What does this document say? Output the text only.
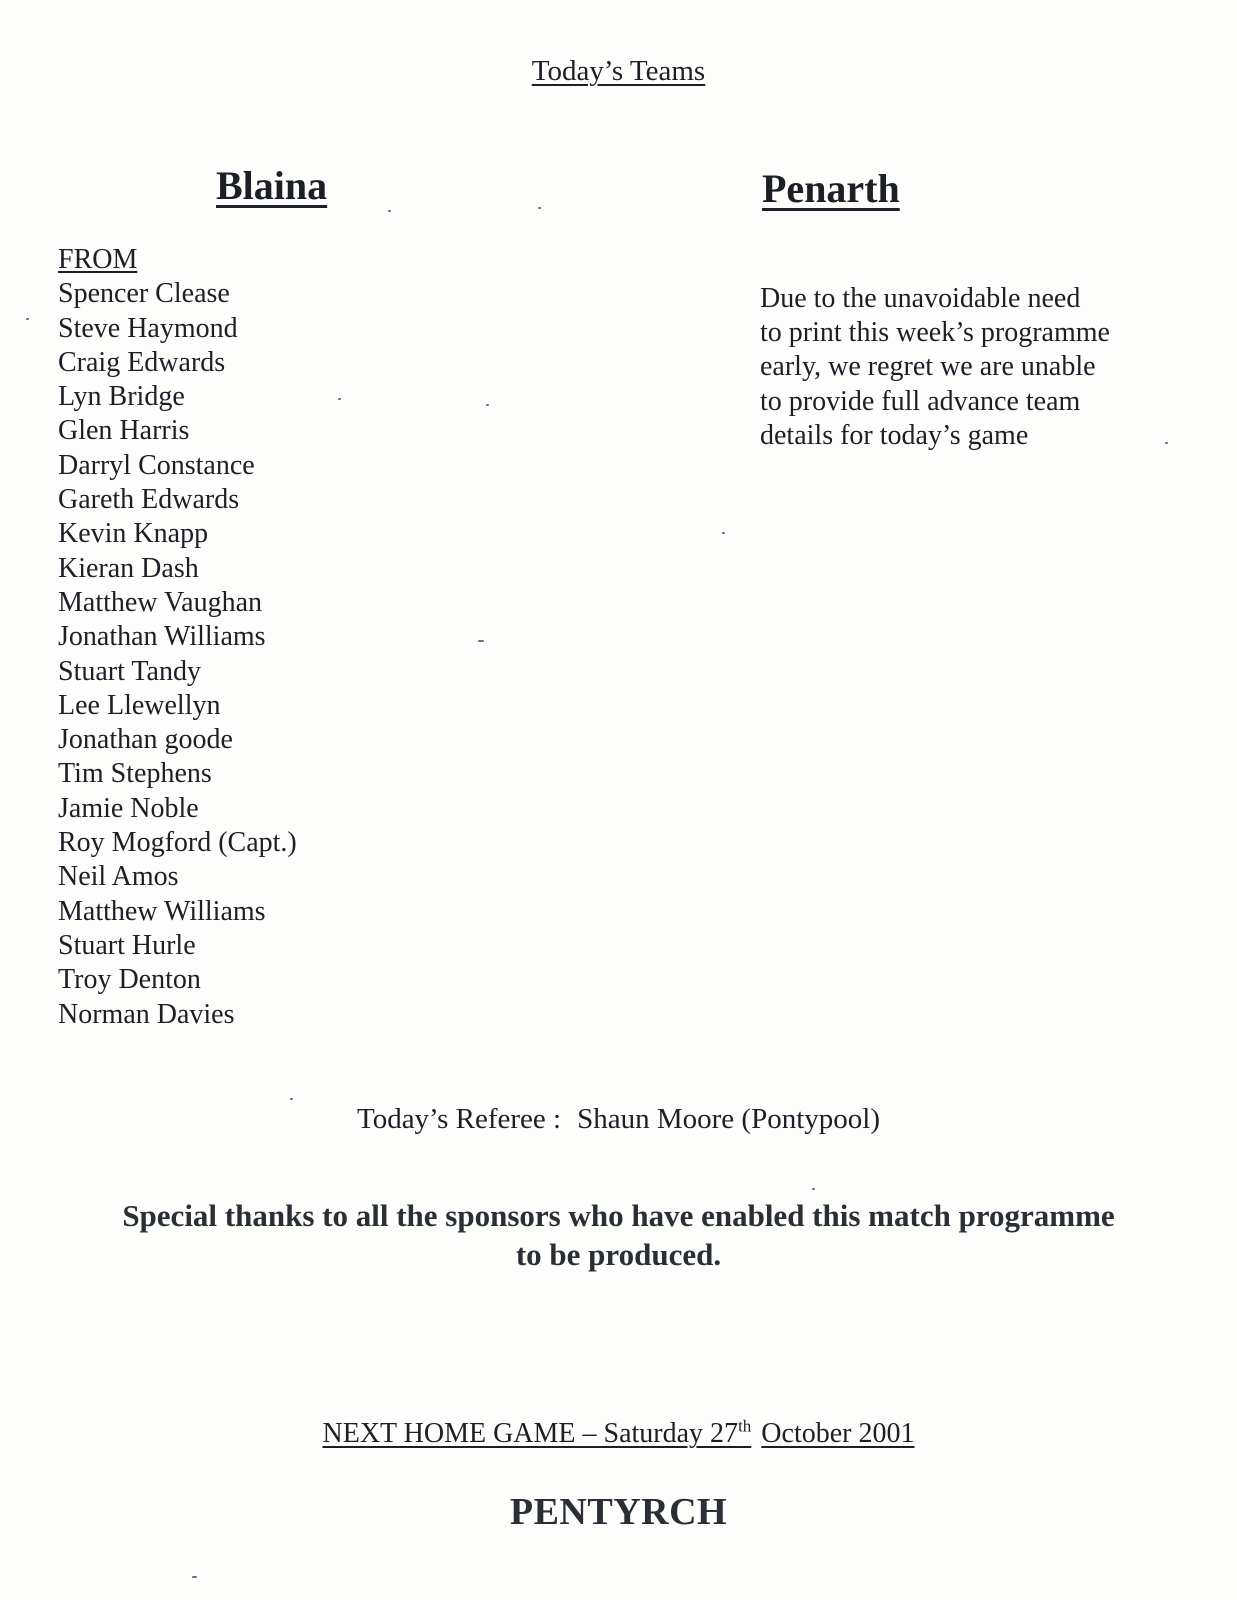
Today’s Teams
Blaina	Penarth
FROM
Spencer Clease
Steve Haymond
Craig Edwards
Lyn Bridge
Glen Harris
Darryl Constance
Gareth Edwards
Kevin Knapp
Kieran Dash
Matthew Vaughan
Jonathan Williams
Stuart Tandy
Lee Llewellyn
Jonathan goode
Tim Stephens
Jamie Noble
Roy Mogford (Capt.)
Neil Amos
Matthew Williams
Stuart Hurle
Troy Denton
Norman Davies
Due to the unavoidable need
to print this week’s programme
early, we regret we are unable
to provide full advance team
details for today’s game
Today’s Referee : Shaun Moore (Pontypool)
Special thanks to all the sponsors who have enabled this match programme
to be produced.
NEXT HOME GAME – Saturday 27th October 2001
PENTYRCH
